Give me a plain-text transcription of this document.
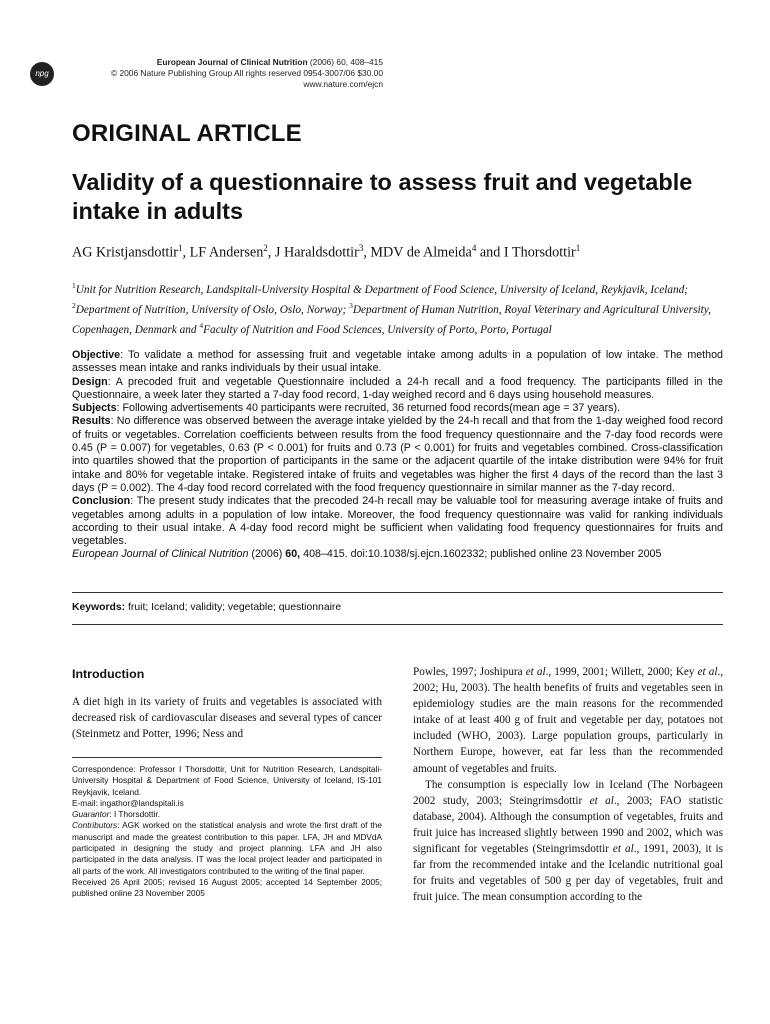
npg
European Journal of Clinical Nutrition (2006) 60, 408–415
© 2006 Nature Publishing Group All rights reserved 0954-3007/06 $30.00
www.nature.com/ejcn
ORIGINAL ARTICLE
Validity of a questionnaire to assess fruit and vegetable intake in adults
AG Kristjansdottir$^1$, LF Andersen$^2$, J Haraldsdottir$^3$, MDV de Almeida$^4$ and I Thorsdottir$^1$
$^1$Unit for Nutrition Research, Landspitali-University Hospital & Department of Food Science, University of Iceland, Reykjavik, Iceland;
$^2$Department of Nutrition, University of Oslo, Oslo, Norway; $^3$Department of Human Nutrition, Royal Veterinary and Agricultural University, Copenhagen, Denmark and $^4$Faculty of Nutrition and Food Sciences, University of Porto, Porto, Portugal

Objective: To validate a method for assessing fruit and vegetable intake among adults in a population of low intake. The method assesses mean intake and ranks individuals by their usual intake.

Design: A precoded fruit and vegetable Questionnaire included a 24-h recall and a food frequency. The participants filled in the Questionnaire, a week later they started a 7-day food record, 1-day weighed record and 6 days using household measures.

Subjects: Following advertisements 40 participants were recruited, 36 returned food records(mean age = 37 years).

Results: No difference was observed between the average intake yielded by the 24-h recall and that from the 1-day weighed food record of fruits or vegetables. Correlation coefficients between results from the food frequency questionnaire and the 7-day food records were 0.45 (P = 0.007) for vegetables, 0.63 (P < 0.001) for fruits and 0.73 (P < 0.001) for fruits and vegetables combined. Cross-classification into quartiles showed that the proportion of participants in the same or the adjacent quartile of the intake distribution were 94% for fruit intake and 80% for vegetable intake. Registered intake of fruits and vegetables was higher the first 4 days of the record than the last 3 days (P = 0.002). The 4-day food record correlated with the food frequency questionnaire in similar manner as the 7-day record.

Conclusion: The present study indicates that the precoded 24-h recall may be valuable tool for measuring average intake of fruits and vegetables among adults in a population of low intake. Moreover, the food frequency questionnaire was valid for ranking individuals according to their usual intake. A 4-day food record might be sufficient when validating food frequency questionnaires for fruits and vegetables.

European Journal of Clinical Nutrition (2006) 60, 408–415. doi:10.1038/sj.ejcn.1602332; published online 23 November 2005

Keywords: fruit; Iceland; validity; vegetable; questionnaire
Introduction

A diet high in its variety of fruits and vegetables is associated with decreased risk of cardiovascular diseases and several types of cancer (Steinmetz and Potter, 1996; Ness and

Correspondence: Professor I Thorsdottir, Unit for Nutrition Research, Landspitali-University Hospital & Department of Food Science, University of Iceland, IS-101 Reykjavik, Iceland.

E-mail: ingathor@landspitali.is

Guarantor: I Thorsdottir.

Contributors: AGK worked on the statistical analysis and wrote the first draft of the manuscript and made the greatest contribution to this paper. LFA, JH and MDVdA participated in designing the study and project planning. LFA and JH also participated in the data analysis. IT was the local project leader and participated in all parts of the work. All investigators contributed to the writing of the final paper.

Received 26 April 2005; revised 16 August 2005; accepted 14 September 2005; published online 23 November 2005

Powles, 1997; Joshipura et al., 1999, 2001; Willett, 2000; Key et al., 2002; Hu, 2003). The health benefits of fruits and vegetables seen in epidemiology studies are the main reasons for the recommended intake of at least 400 g of fruit and vegetable per day, potatoes not included (WHO, 2003). Large population groups, particularly in Northern Europe, however, eat far less than the recommended amount of vegetables and fruits.

The consumption is especially low in Iceland (The Norbageen 2002 study, 2003; Steingrimsdottir et al., 2003; FAO statistic database, 2004). Although the consumption of vegetables, fruits and fruit juice has increased slightly between 1990 and 2002, which was significant for vegetables (Steingrimsdottir et al., 1991, 2003), it is far from the recommended intake and the Icelandic nutritional goal for fruits and vegetables of 500 g per day of vegetables, fruit and fruit juice. The mean consumption according to the
